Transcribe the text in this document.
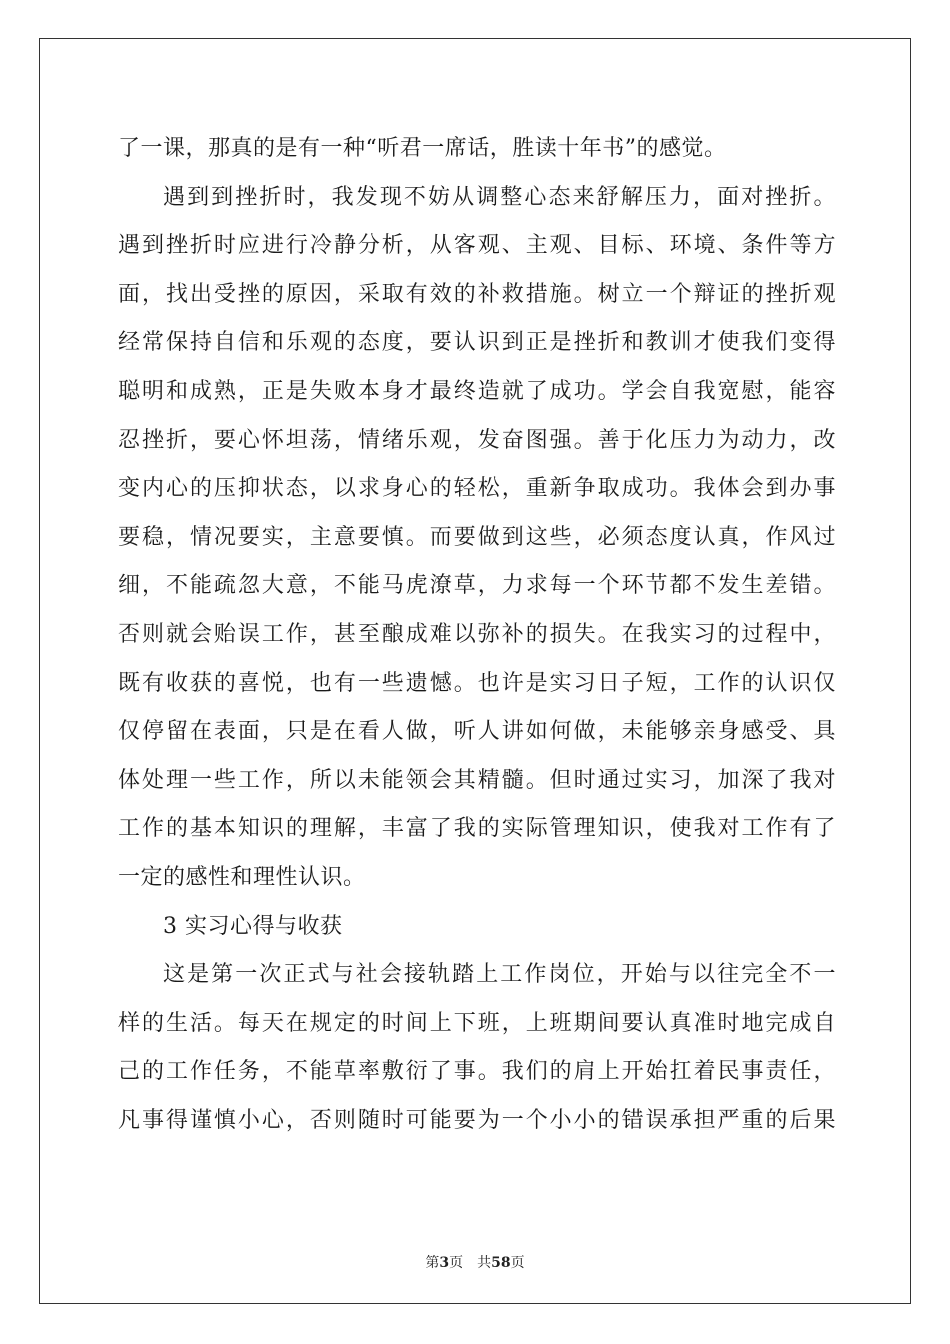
了一课，那真的是有一种“听君一席话，胜读十年书”的感觉。
遇到到挫折时，我发现不妨从调整心态来舒解压力，面对挫折。
遇到挫折时应进行冷静分析，从客观、主观、目标、环境、条件等方
面，找出受挫的原因，采取有效的补救措施。树立一个辩证的挫折观
经常保持自信和乐观的态度，要认识到正是挫折和教训才使我们变得
聪明和成熟，正是失败本身才最终造就了成功。学会自我宽慰，能容
忍挫折，要心怀坦荡，情绪乐观，发奋图强。善于化压力为动力，改
变内心的压抑状态，以求身心的轻松，重新争取成功。我体会到办事
要稳，情况要实，主意要慎。而要做到这些，必须态度认真，作风过
细，不能疏忽大意，不能马虎潦草，力求每一个环节都不发生差错。
否则就会贻误工作，甚至酿成难以弥补的损失。在我实习的过程中，
既有收获的喜悦，也有一些遗憾。也许是实习日子短，工作的认识仅
仅停留在表面，只是在看人做，听人讲如何做，未能够亲身感受、具
体处理一些工作，所以未能领会其精髓。但时通过实习，加深了我对
工作的基本知识的理解，丰富了我的实际管理知识，使我对工作有了
一定的感性和理性认识。
3 实习心得与收获
这是第一次正式与社会接轨踏上工作岗位，开始与以往完全不一
样的生活。每天在规定的时间上下班，上班期间要认真准时地完成自
己的工作任务，不能草率敷衍了事。我们的肩上开始扛着民事责任，
凡事得谨慎小心，否则随时可能要为一个小小的错误承担严重的后果
第3页 共58页
